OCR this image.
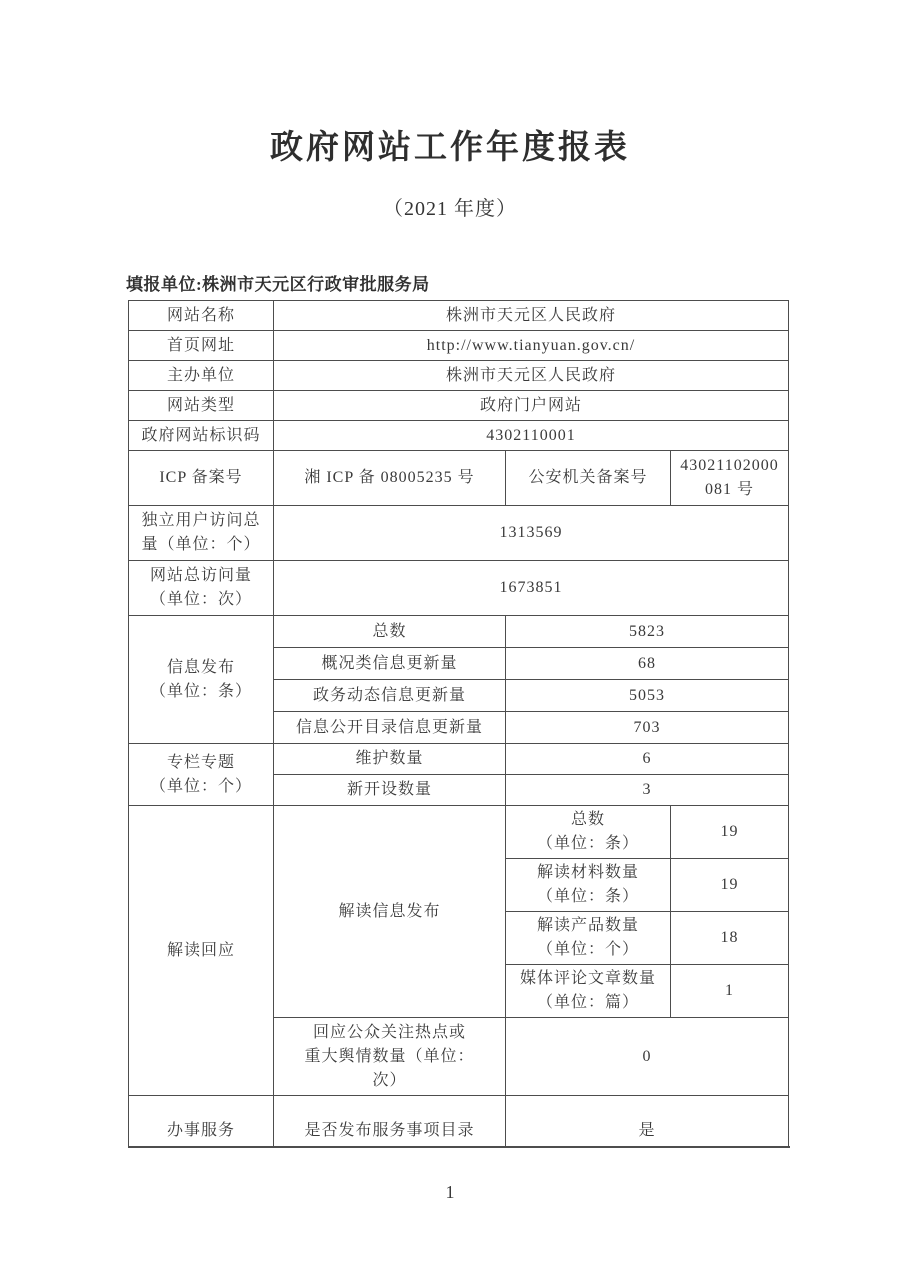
政府网站工作年度报表
（2021 年度）
填报单位:株洲市天元区行政审批服务局
网站名称	株洲市天元区人民政府		
首页网址	http://www.tianyuan.gov.cn/		
主办单位	株洲市天元区人民政府		
网站类型	政府门户网站		
政府网站标识码	4302110001		
ICP 备案号	湘 ICP 备 08005235 号	公安机关备案号	43021102000
081 号

独立用户访问总
量（单位：个）	1313569		

网站总访问量
（单位：次）	1673851		

信息发布
（单位：条）	总数	5823	
	概况类信息更新量	68	
	政务动态信息更新量	5053	
	信息公开目录信息更新量	703	

专栏专题
（单位：个）	维护数量	6	
	新开设数量	3	
解读回应	解读信息发布	总数
（单位：条）	19

		解读材料数量
（单位：条）	19

		解读产品数量
（单位：个）	18

		媒体评论文章数量
（单位：篇）	1

	回应公众关注热点或
重大舆情数量（单位：
次）	0	
办事服务	是否发布服务事项目录	是	
1
